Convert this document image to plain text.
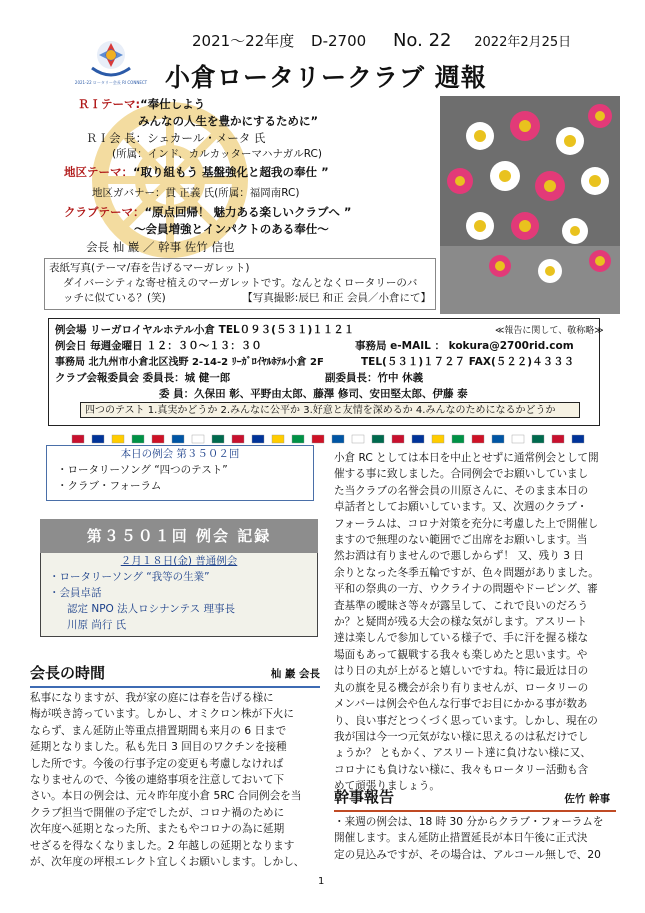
2021-22 ロータリー会長 RI CONNECT
2021～22年度 D-2700 No. 22 2022年2月25日
小倉ロータリークラブ 週報
ＲＩテーマ:“奉仕しよう
みんなの人生を豊かにするために”
ＲＩ会 長：シェカール・メータ 氏
(所属：インド、カルカッターマハナガルRC)
地区テーマ：“取り組もう 基盤強化と超我の奉仕 ”
地区ガバナー：貫 正義 氏(所属：福岡南RC)
クラブテーマ：“原点回帰！ 魅力ある楽しいクラブへ ”
～会員増強とインパクトのある奉仕～
会長 杣 巖 ／ 幹事 佐竹 信也
表紙写真(テーマ/春を告げるマーガレット)
ダイバーシティな寄せ植えのマーガレットです。なんとなくロータリーのバ
ッチに似ている？(笑)	【写真撮影:辰巳 和正 会員／小倉にて】
例会場 リーガロイヤルホテル小倉 TEL０９３(５３１)１１２１	≪報告に関して、敬称略≫
例会日 毎週金曜日 １２：３０～１３：３０	事務局 e-MAIL ： kokura@2700rid.com
事務局 北九州市小倉北区浅野 2-14-2 ﾘｰｶﾞﾛｲﾔﾙﾎﾃﾙ小倉 2F	TEL(５３１)１７２７ FAX(５２２)４３３３
クラブ会報委員会 委員長：城 健一郎	副委員長：竹中 休義
委 員：久保田 彰、平野由太郎、藤澤 修司、安田堅太郎、伊藤 泰
四つのテスト 1.真実かどうか 2.みんなに公平か 3.好意と友情を深めるか 4.みんなのためになるかどうか
本日の例会 第３５０２回
・ロータリーソング “四つのテスト”
・クラブ・フォーラム
第３５０１回 例会 記録
２月１８日(金) 普通例会
・ロータリーソング “我等の生業”
・会員卓話
認定 NPO 法人ロシナンテス 理事長
川原 尚行 氏
会長の時間	杣 巖 会長
私事になりますが、我が家の庭には春を告げる様に
梅が咲き誇っています。しかし、オミクロン株が下火に
ならず、まん延防止等重点措置期間も来月の 6 日まで
延期となりました。私も先日 3 回目のワクチンを接種
した所です。今後の行事予定の変更も考慮しなければ
なりませんので、今後の連絡事項を注意しておいて下
さい。本日の例会は、元々昨年度小倉 5RC 合同例会を当
クラブ担当で開催の予定でしたが、コロナ禍のために
次年度へ延期となった所、またもやコロナの為に延期
せざるを得なくなりました。2 年越しの延期となります
が、次年度の坪根エレクト宜しくお願いします。しかし、
小倉 RC としては本日を中止とせずに通常例会として開
催する事に致しました。合同例会でお願いしていまし
た当クラブの名誉会員の川原さんに、そのまま本日の
卓話者としてお願いしています。又、次週のクラブ・
フォーラムは、コロナ対策を充分に考慮した上で開催し
ますので無理のない範囲でご出席をお願いします。当
然お酒は有りませんので悪しからず！ 又、残り 3 日
余りとなった冬季五輪ですが、色々問題がありました。
平和の祭典の一方、ウクライナの問題やドーピング、審
査基準の曖昧さ等々が露呈して、これで良いのだろう
か？と疑問が残る大会の様な気がします。アスリート
達は楽しんで参加している様子で、手に汗を握る様な
場面もあって観戦する我々も楽しめたと思います。や
はり日の丸が上がると嬉しいですね。特に最近は日の
丸の旗を見る機会が余り有りませんが、ロータリーの
メンバーは例会や色んな行事でお目にかかる事が数あ
り、良い事だとつくづく思っています。しかし、現在の
我が国は今一つ元気がない様に思えるのは私だけでし
ょうか？ ともかく、アスリート達に負けない様に又、
コロナにも負けない様に、我々もロータリー活動も含
めて頑張りましょう。
幹事報告	佐竹 幹事
・来週の例会は、18 時 30 分からクラブ・フォーラムを
開催します。まん延防止措置延長が本日午後に正式決
定の見込みですが、その場合は、アルコール無しで、20
1
